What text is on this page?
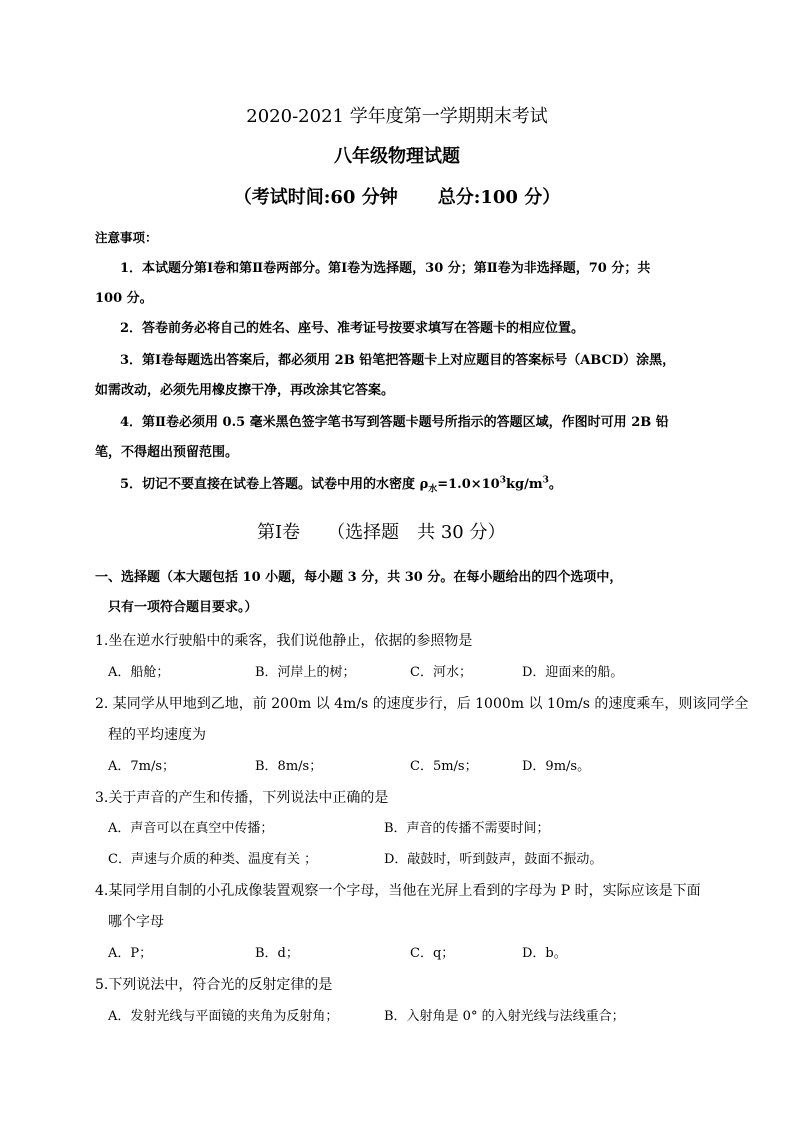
2020-2021 学年度第一学期期末考试
八年级物理试题
（考试时间:60 分钟 总分:100 分）
注意事项：
1．本试题分第Ⅰ卷和第Ⅱ卷两部分。第Ⅰ卷为选择题，30 分；第Ⅱ卷为非选择题，70 分；共
100 分。
2．答卷前务必将自己的姓名、座号、准考证号按要求填写在答题卡的相应位置。
3．第Ⅰ卷每题选出答案后，都必须用 2B 铅笔把答题卡上对应题目的答案标号（ABCD）涂黑，
如需改动，必须先用橡皮擦干净，再改涂其它答案。
4．第Ⅱ卷必须用 0.5 毫米黑色签字笔书写到答题卡题号所指示的答题区域，作图时可用 2B 铅
笔，不得超出预留范围。
5．切记不要直接在试卷上答题。试卷中用的水密度 $\rho_水=1.0\times 10^3kg/m^3$。
第Ⅰ卷　　（选择题　共 30 分）
一、选择题（本大题包括 10 小题，每小题 3 分，共 30 分。在每小题给出的四个选项中，
只有一项符合题目要求。）
1.坐在逆水行驶船中的乘客，我们说他静止，依据的参照物是
A．船舱；	B．河岸上的树；	C．河水；	D．迎面来的船。
2. 某同学从甲地到乙地，前 200m 以 4m/s 的速度步行，后 1000m 以 10m/s 的速度乘车，则该同学全
程的平均速度为
A．7m/s；	B．8m/s；	C．5m/s；	D．9m/s。
3.关于声音的产生和传播，下列说法中正确的是
A．声音可以在真空中传播；	B．声音的传播不需要时间；
C．声速与介质的种类、温度有关 ；	D．敲鼓时，听到鼓声，鼓面不振动。
4.某同学用自制的小孔成像装置观察一个字母，当他在光屏上看到的字母为 P 时，实际应该是下面
哪个字母
A．P；	B．d；	C．q；	D．b。
5.下列说法中，符合光的反射定律的是
A．发射光线与平面镜的夹角为反射角；	B．入射角是 0° 的入射光线与法线重合；
